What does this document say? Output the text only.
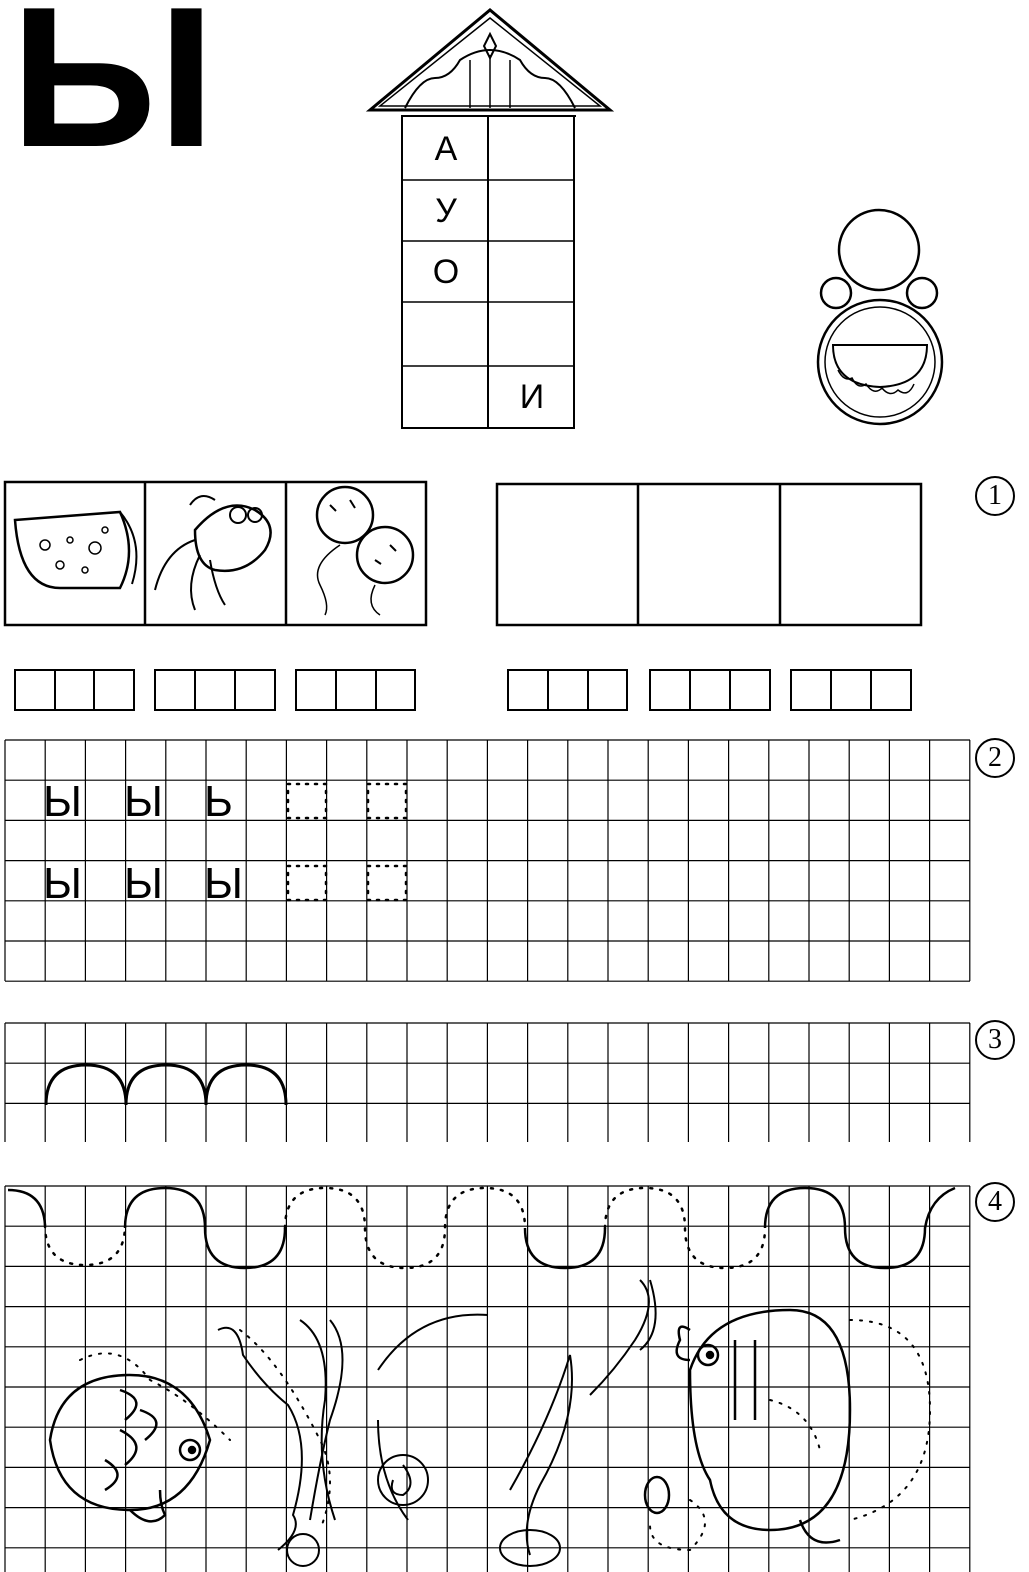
Ы	А
У
О
И
1
2
3
4
Ы Ы Ь
Ы Ы Ы
